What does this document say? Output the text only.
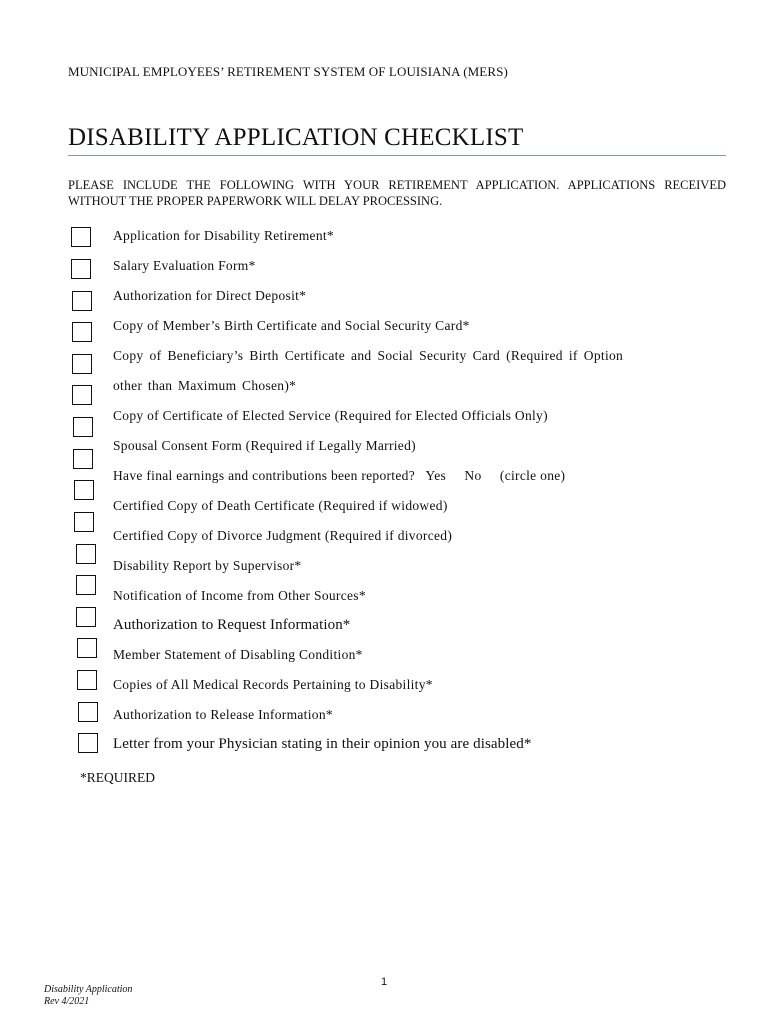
MUNICIPAL EMPLOYEES’ RETIREMENT SYSTEM OF LOUISIANA (MERS)
DISABILITY APPLICATION CHECKLIST
PLEASE INCLUDE THE FOLLOWING WITH YOUR RETIREMENT APPLICATION. APPLICATIONS RECEIVED WITHOUT THE PROPER PAPERWORK WILL DELAY PROCESSING.
Application for Disability Retirement*
Salary Evaluation Form*
Authorization for Direct Deposit*
Copy of Member’s Birth Certificate and Social Security Card*
Copy of Beneficiary’s Birth Certificate and Social Security Card (Required if Option
other than Maximum Chosen)*
Copy of Certificate of Elected Service (Required for Elected Officials Only)
Spousal Consent Form (Required if Legally Married)
Have final earnings and contributions been reported?   Yes     No     (circle one)
Certified Copy of Death Certificate (Required if widowed)
Certified Copy of Divorce Judgment (Required if divorced)
Disability Report by Supervisor*
Notification of Income from Other Sources*
Authorization to Request Information*
Member Statement of Disabling Condition*
Copies of All Medical Records Pertaining to Disability*
Authorization to Release Information*
Letter from your Physician stating in their opinion you are disabled*
*REQUIRED
1
Disability Application
Rev 4/2021
